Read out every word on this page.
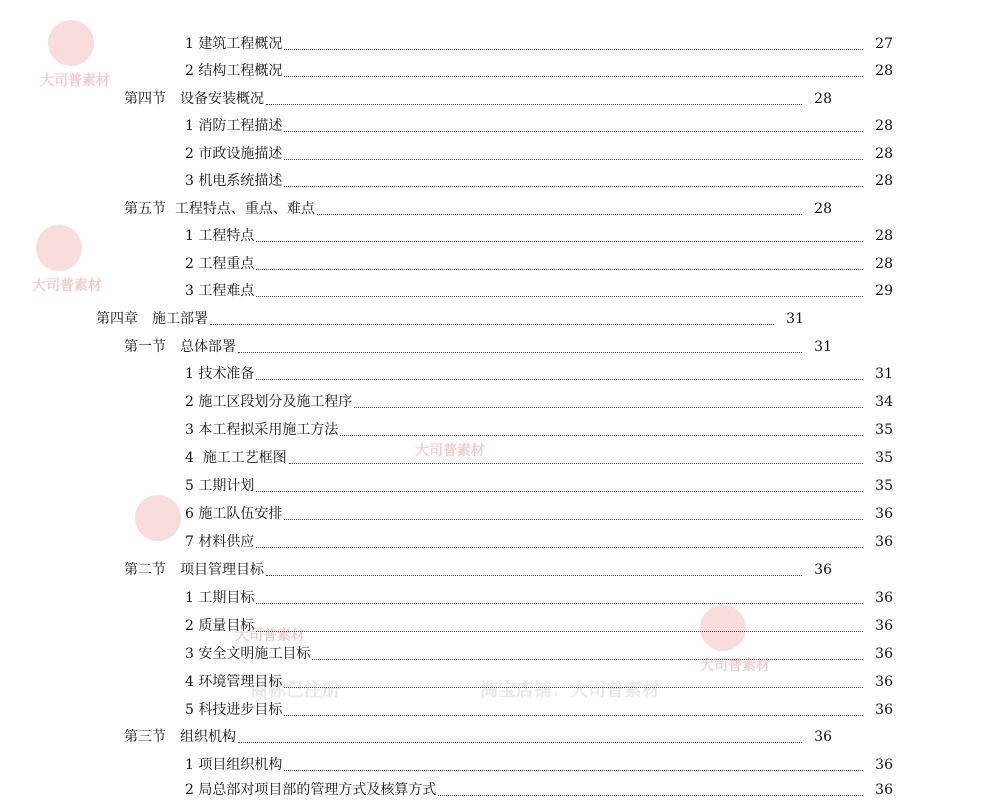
大司普素材
大司普素材
大司普素材
大司普素材
大司普素材
商标已注册	淘宝店铺：大司普素材
1 建筑工程概况	27
2 结构工程概况	28
第四节　设备安装概况	28
1 消防工程描述	28
2 市政设施描述	28
3 机电系统描述	28
第五节  工程特点、重点、难点	28
1 工程特点	28
2 工程重点	28
3 工程难点	29
第四章　施工部署	31
第一节　总体部署	31
1 技术准备	31
2 施工区段划分及施工程序	34
3 本工程拟采用施工方法	35
4  施工工艺框图	35
5 工期计划	35
6 施工队伍安排	36
7 材料供应	36
第二节　项目管理目标	36
1 工期目标	36
2 质量目标	36
3 安全文明施工目标	36
4 环境管理目标	36
5 科技进步目标	36
第三节　组织机构	36
1 项目组织机构	36
2 局总部对项目部的管理方式及核算方式	36
